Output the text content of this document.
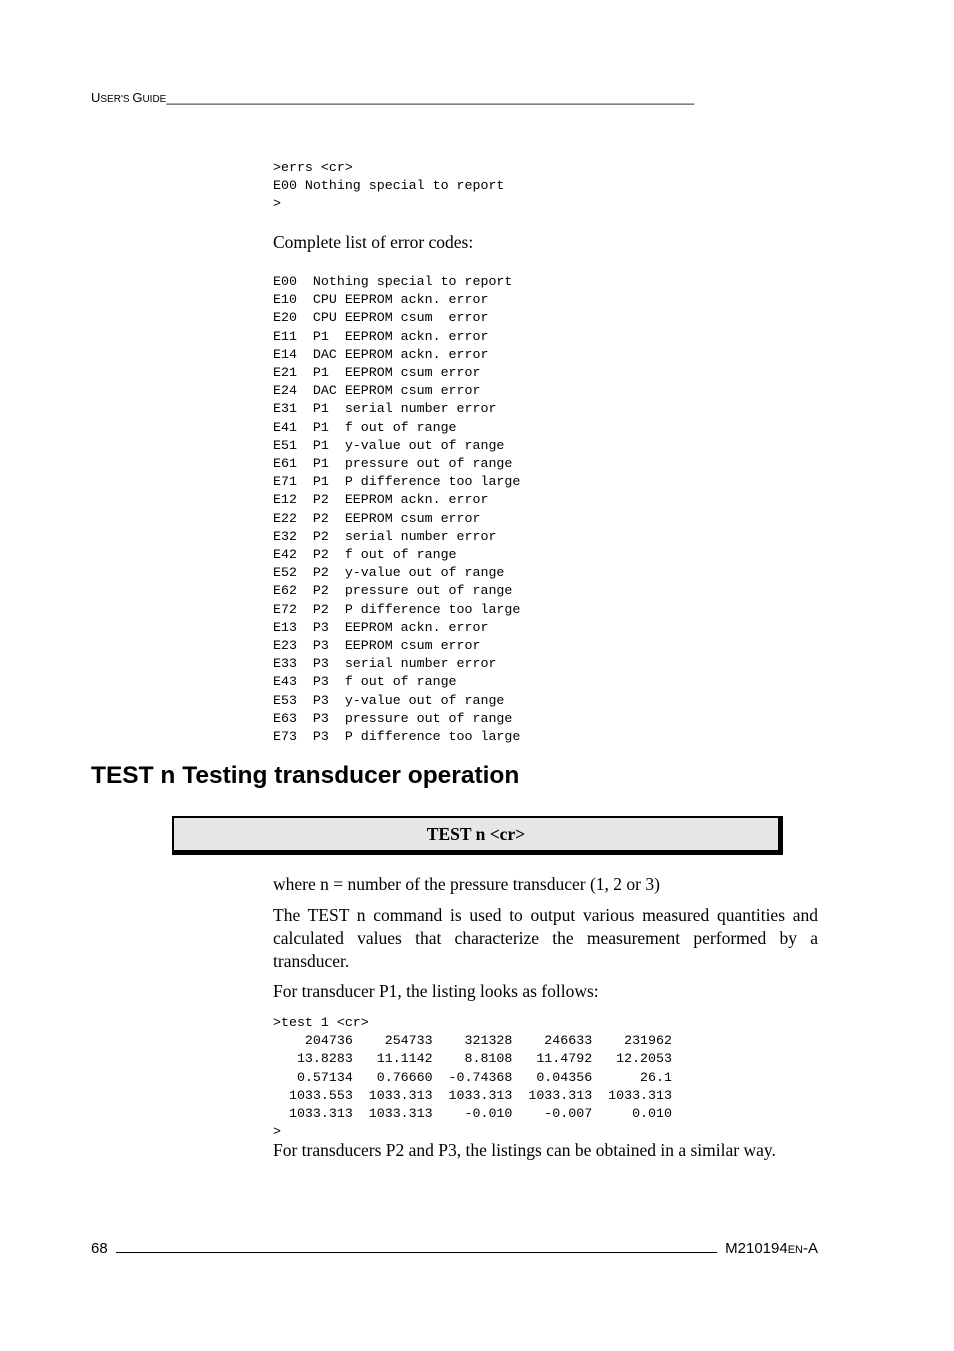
USER'S GUIDE_________________________________________________________________________
>errs <cr>
E00 Nothing special to report
>

Complete list of error codes:

E00  Nothing special to report
E10  CPU EEPROM ackn. error
E20  CPU EEPROM csum  error
E11  P1  EEPROM ackn. error
E14  DAC EEPROM ackn. error
E21  P1  EEPROM csum error
E24  DAC EEPROM csum error
E31  P1  serial number error
E41  P1  f out of range
E51  P1  y-value out of range
E61  P1  pressure out of range
E71  P1  P difference too large
E12  P2  EEPROM ackn. error
E22  P2  EEPROM csum error
E32  P2  serial number error
E42  P2  f out of range
E52  P2  y-value out of range
E62  P2  pressure out of range
E72  P2  P difference too large
E13  P3  EEPROM ackn. error
E23  P3  EEPROM csum error
E33  P3  serial number error
E43  P3  f out of range
E53  P3  y-value out of range
E63  P3  pressure out of range
E73  P3  P difference too large
TEST n Testing transducer operation
TEST n <cr>

where n = number of the pressure transducer (1, 2 or 3)

The TEST n command is used to output various measured quantities and calculated values that characterize the measurement performed by a transducer.

For transducer P1, the listing looks as follows:

>test 1 <cr>
204736    254733    321328    246633    231962
13.8283   11.1142    8.8108   11.4792   12.2053
0.57134   0.76660  -0.74368   0.04356      26.1
1033.553  1033.313  1033.313  1033.313  1033.313
1033.313  1033.313    -0.010    -0.007     0.010
>

For transducers P2 and P3, the listings can be obtained in a similar way.

68	M210194EN-A
